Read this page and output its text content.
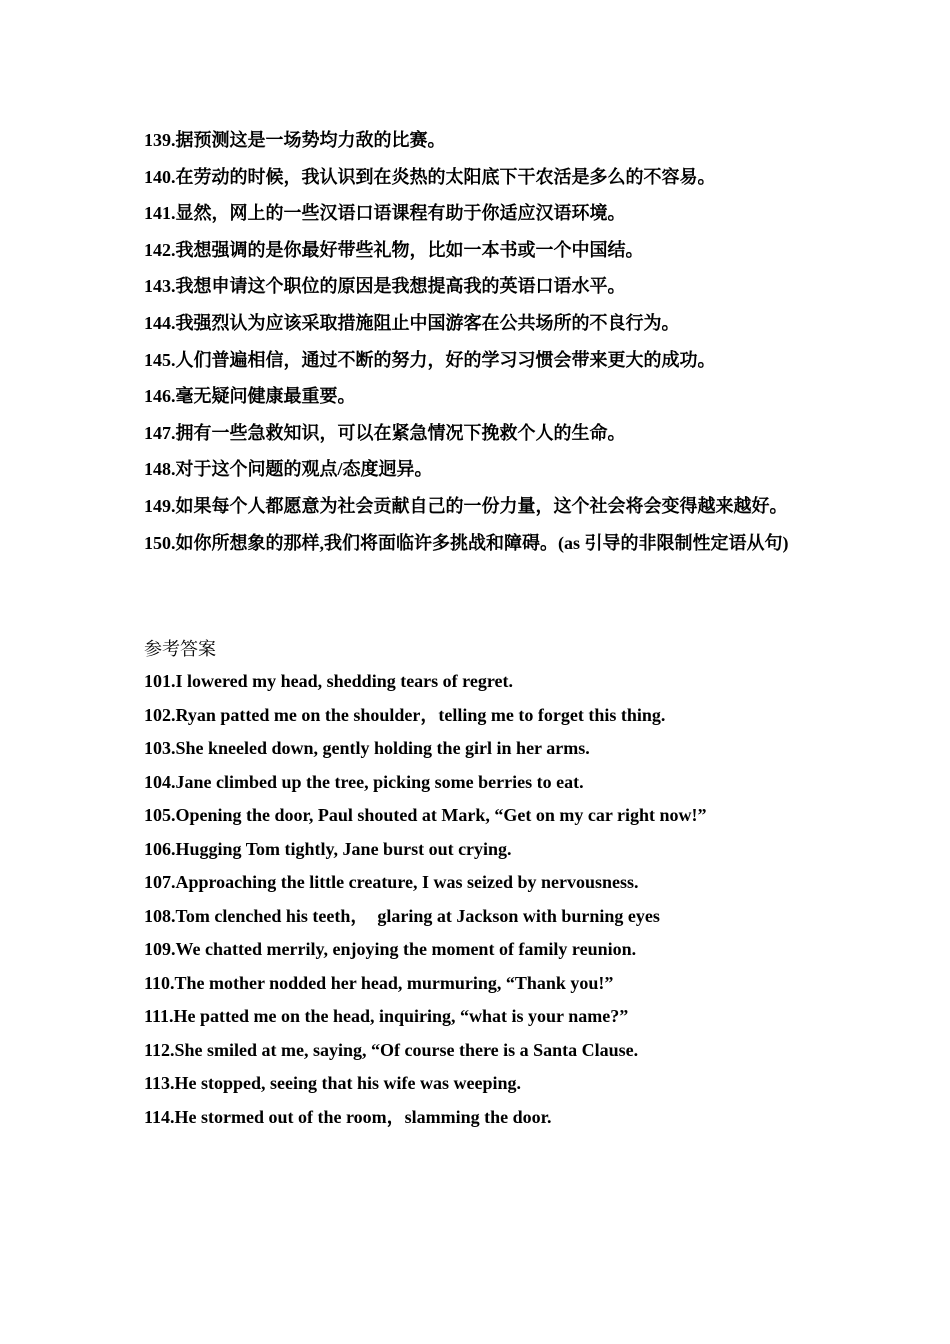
139.据预测这是一场势均力敌的比赛。

140.在劳动的时候，我认识到在炎热的太阳底下干农活是多么的不容易。

141.显然，网上的一些汉语口语课程有助于你适应汉语环境。

142.我想强调的是你最好带些礼物，比如一本书或一个中国结。

143.我想申请这个职位的原因是我想提高我的英语口语水平。

144.我强烈认为应该采取措施阻止中国游客在公共场所的不良行为。

145.人们普遍相信，通过不断的努力，好的学习习惯会带来更大的成功。

146.毫无疑问健康最重要。

147.拥有一些急救知识，可以在紧急情况下挽救个人的生命。

148.对于这个问题的观点/态度迥异。

149.如果每个人都愿意为社会贡献自己的一份力量，这个社会将会变得越来越好。

150.如你所想象的那样,我们将面临许多挑战和障碍。(as 引导的非限制性定语从句)

参考答案

101.I lowered my head, shedding tears of regret.

102.Ryan patted me on the shoulder，telling me to forget this thing.

103.She kneeled down, gently holding the girl in her arms.

104.Jane climbed up the tree, picking some berries to eat.

105.Opening the door, Paul shouted at Mark, “Get on my car right now!”

106.Hugging Tom tightly, Jane burst out crying.

107.Approaching the little creature, I was seized by nervousness.

108.Tom clenched his teeth，  glaring at Jackson with burning eyes

109.We chatted merrily, enjoying the moment of family reunion.

110.The mother nodded her head, murmuring, “Thank you!”

111.He patted me on the head, inquiring, “what is your name?”

112.She smiled at me, saying, “Of course there is a Santa Clause.

113.He stopped, seeing that his wife was weeping.

114.He stormed out of the room，slamming the door.
